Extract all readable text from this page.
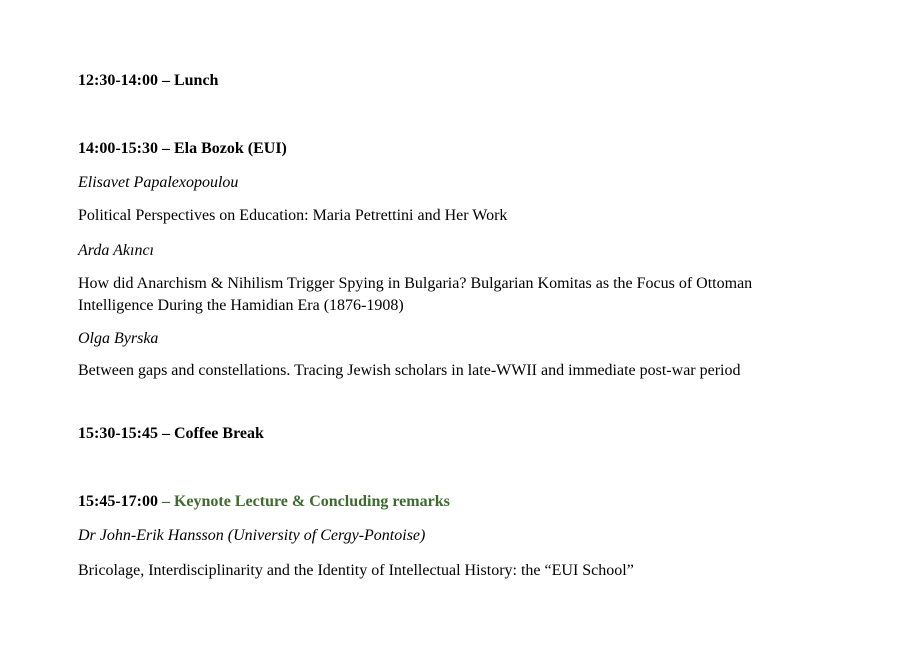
12:30-14:00 – Lunch

14:00-15:30 – Ela Bozok (EUI)

Elisavet Papalexopoulou

Political Perspectives on Education: Maria Petrettini and Her Work

Arda Akıncı

How did Anarchism & Nihilism Trigger Spying in Bulgaria? Bulgarian Komitas as the Focus of Ottoman

Intelligence During the Hamidian Era (1876-1908)

Olga Byrska

Between gaps and constellations. Tracing Jewish scholars in late-WWII and immediate post-war period

15:30-15:45 – Coffee Break

15:45-17:00 – Keynote Lecture & Concluding remarks

Dr John-Erik Hansson (University of Cergy-Pontoise)

Bricolage, Interdisciplinarity and the Identity of Intellectual History: the “EUI School”
